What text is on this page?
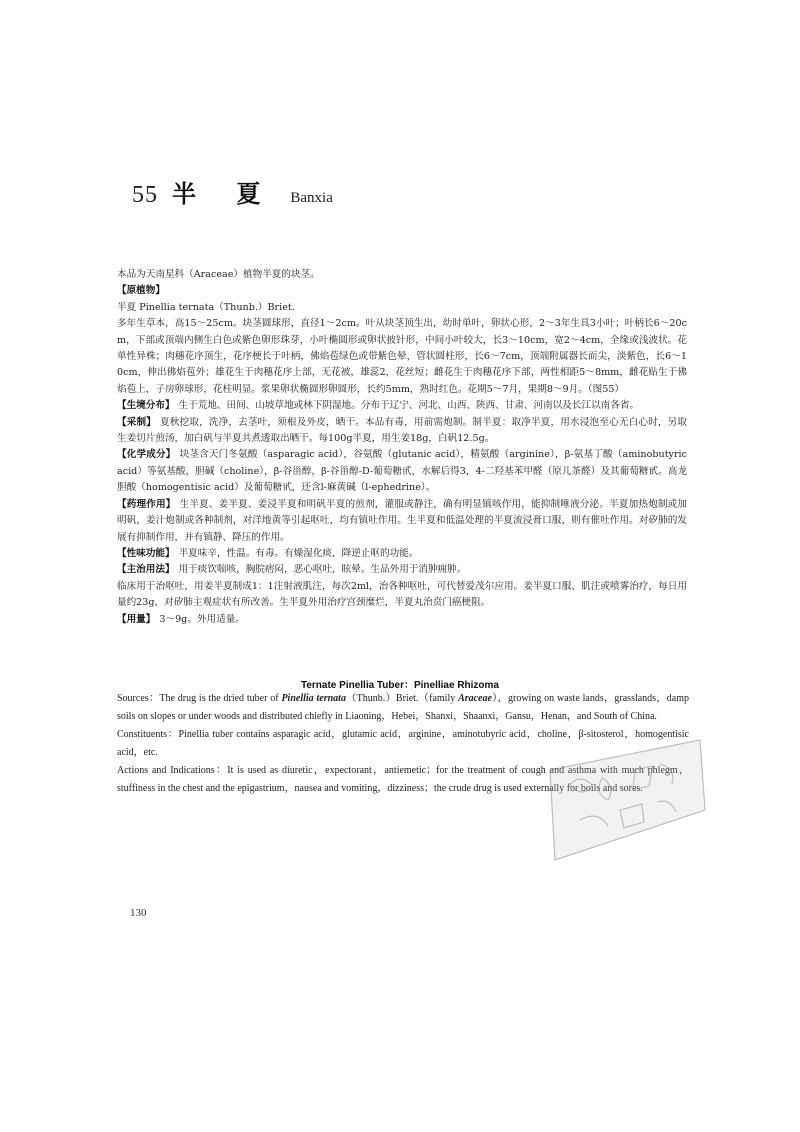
55 半 夏 Banxia

本品为天南星科（Araceae）植物半夏的块茎。

【原植物】

半夏 Pinellia ternata（Thunb.）Briet.

多年生草本，高15～25cm。块茎圆球形，直径1～2cm。叶从块茎顶生出，幼时单叶，卵状心形，2～3年生具3小叶；叶柄长6～20cm，下部或顶端内侧生白色或紫色卵形珠芽，小叶椭圆形或卵状披针形，中间小叶较大，长3～10cm，宽2～4cm，全缘或浅波状。花单性异株；肉穗花序顶生，花序梗长于叶柄，佛焰苞绿色或带紫色晕，管状圆柱形，长6～7cm，顶端附属器长而尖，淡紫色，长6～10cm，伸出佛焰苞外；雄花生于肉穗花序上部，无花被，雄蕊2，花丝短；雌花生于肉穗花序下部，两性相距5～8mm，雌花贴生于佛焰苞上，子房卵球形，花柱明显。浆果卵状椭圆形卵圆形，长约5mm，熟时红色。花期5～7月，果期8～9月。（图55）

【生境分布】 生于荒地、田间、山坡草地或林下阴湿地。分布于辽宁、河北、山西、陕西、甘肃、河南以及长江以南各省。

【采制】 夏秋挖取，洗净，去茎叶，须根及外皮，晒干。本品有毒，用前需炮制。制半夏：取净半夏，用水浸泡至心无白心时，另取生姜切片煎汤，加白矾与半夏共煮透取出晒干。每100g半夏，用生姜18g，白矾12.5g。

【化学成分】 块茎含天门冬氨酸（asparagic acid），谷氨酸（glutanic acid），精氨酸（arginine），β-氨基丁酸（aminobutyric acid）等氨基酸，胆碱（choline），β-谷甾醇，β-谷甾醇-D-葡萄糖甙，水解后得3，4-二羟基苯甲醛（原儿茶醛）及其葡萄糖甙。高龙胆酸（homogentisic acid）及葡萄糖甙，还含l-麻黄碱（l-ephedrine）。

【药理作用】 生半夏、姜半夏、姜浸半夏和明矾半夏的煎剂，灌服或静注，确有明显镇咳作用，能抑制唾液分泌。半夏加热炮制或加明矾，姜汁炮制或各种制剂，对洋地黄等引起呕吐，均有镇吐作用。生半夏和低温处理的半夏流浸膏口服，则有催吐作用。对矽肺的发展有抑制作用，并有镇静、降压的作用。

【性味功能】 半夏味辛，性温。有毒。有燥湿化痰，降逆止呕的功能。

【主治用法】 用于痰饮喘咳，胸脘痞闷，恶心呕吐，眩晕。生品外用于消肿痈肿。

临床用于治呕吐，用姜半夏制成1：1注射液肌注，每次2ml，治各种呕吐，可代替爱茂尔应用。姜半夏口服、肌注或喷雾治疗，每日用量约23g，对矽肺主观症状有所改善。生半夏外用治疗宫颈糜烂，半夏丸治贲门癌梗阻。

【用量】 3～9g。外用适量。

Ternate Pinellia Tuber：Pinelliae Rhizoma

Sources：The drug is the dried tuber of Pinellia ternata（Thunb.）Briet.（family Araceae），growing on waste lands，grasslands，damp soils on slopes or under woods and distributed chiefly in Liaoning，Hebei，Shanxi，Shaanxi，Gansu，Henan，and South of China.

Constituents：Pinellia tuber contains asparagic acid，glutamic acid，arginine，aminotubyric acid，choline，β-sitosterol，homogentisic acid，etc.

Actions and Indications：It is used as diuretic，expectorant，antiemetic；for the treatment of cough and asthma with much phlegm，stuffiness in the chest and the epigastrium，nausea and vomiting，dizziness；the crude drug is used externally for boils and sores.

130
